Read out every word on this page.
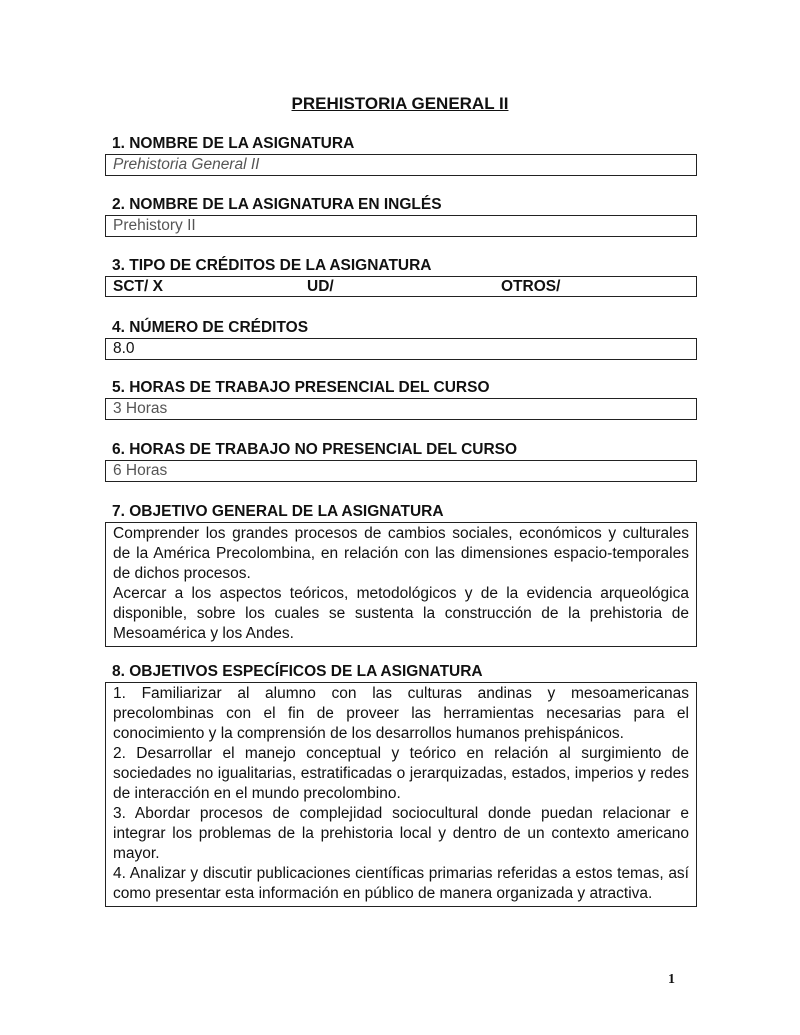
PREHISTORIA GENERAL II
1. NOMBRE DE LA ASIGNATURA
Prehistoria General II
2. NOMBRE DE LA ASIGNATURA EN INGLÉS
Prehistory II
3. TIPO DE CRÉDITOS DE LA ASIGNATURA
SCT/ X	UD/	OTROS/
4. NÚMERO DE CRÉDITOS
8.0
5. HORAS DE TRABAJO PRESENCIAL DEL CURSO
3 Horas
6. HORAS DE TRABAJO NO PRESENCIAL DEL CURSO
6 Horas
7. OBJETIVO GENERAL DE LA ASIGNATURA

Comprender los grandes procesos de cambios sociales, económicos y culturales de la América Precolombina, en relación con las dimensiones espacio-temporales de dichos procesos.

Acercar a los aspectos teóricos, metodológicos y de la evidencia arqueológica disponible, sobre los cuales se sustenta la construcción de la prehistoria de Mesoamérica y los Andes.

8. OBJETIVOS ESPECÍFICOS DE LA ASIGNATURA

1. Familiarizar al alumno con las culturas andinas y mesoamericanas precolombinas con el fin de proveer las herramientas necesarias para el conocimiento y la comprensión de los desarrollos humanos prehispánicos.

2. Desarrollar el manejo conceptual y teórico en relación al surgimiento de sociedades no igualitarias, estratificadas o jerarquizadas, estados, imperios y redes de interacción en el mundo precolombino.

3. Abordar procesos de complejidad sociocultural donde puedan relacionar e integrar los problemas de la prehistoria local y dentro de un contexto americano mayor.

4. Analizar y discutir publicaciones científicas primarias referidas a estos temas, así como presentar esta información en público de manera organizada y atractiva.

1
